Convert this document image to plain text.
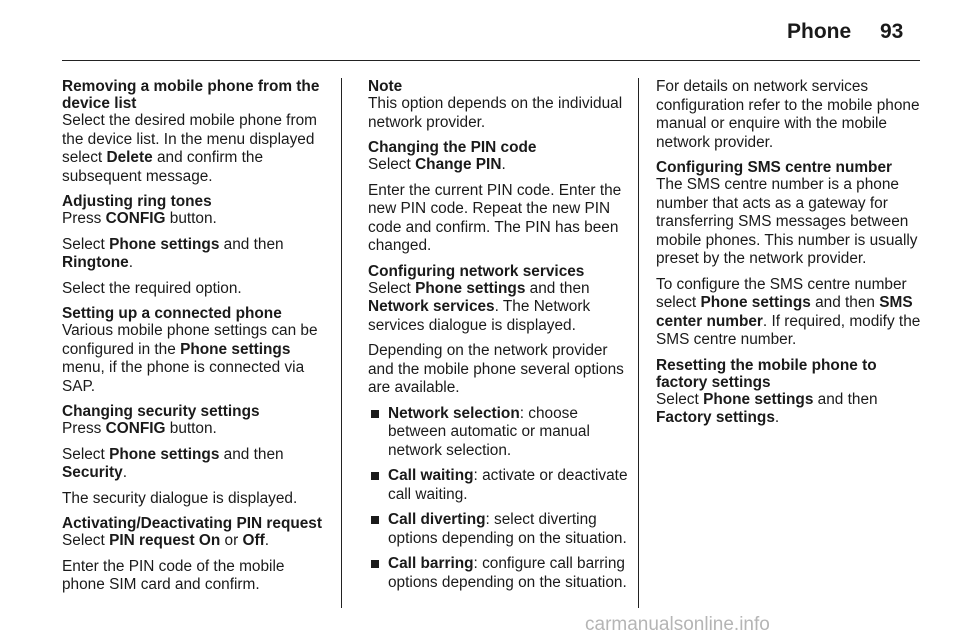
Phone 93
Removing a mobile phone from the device list

Select the desired mobile phone from the device list. In the menu displayed select Delete and confirm the subsequent message.

Adjusting ring tones

Press CONFIG button.

Select Phone settings and then Ringtone.

Select the required option.

Setting up a connected phone

Various mobile phone settings can be configured in the Phone settings menu, if the phone is connected via SAP.

Changing security settings

Press CONFIG button.

Select Phone settings and then Security.

The security dialogue is displayed.

Activating/Deactivating PIN request

Select PIN request On or Off.

Enter the PIN code of the mobile phone SIM card and confirm.

Note

This option depends on the individual network provider.

Changing the PIN code

Select Change PIN.

Enter the current PIN code. Enter the new PIN code. Repeat the new PIN code and confirm. The PIN has been changed.

Configuring network services

Select Phone settings and then Network services. The Network services dialogue is displayed.

Depending on the network provider and the mobile phone several options are available.

Network selection: choose between automatic or manual network selection.
Call waiting: activate or deactivate call waiting.
Call diverting: select diverting options depending on the situation.
Call barring: configure call barring options depending on the situation.

For details on network services configuration refer to the mobile phone manual or enquire with the mobile network provider.

Configuring SMS centre number

The SMS centre number is a phone number that acts as a gateway for transferring SMS messages between mobile phones. This number is usually preset by the network provider.

To configure the SMS centre number select Phone settings and then SMS center number. If required, modify the SMS centre number.

Resetting the mobile phone to factory settings

Select Phone settings and then Factory settings.

carmanualsonline.info
